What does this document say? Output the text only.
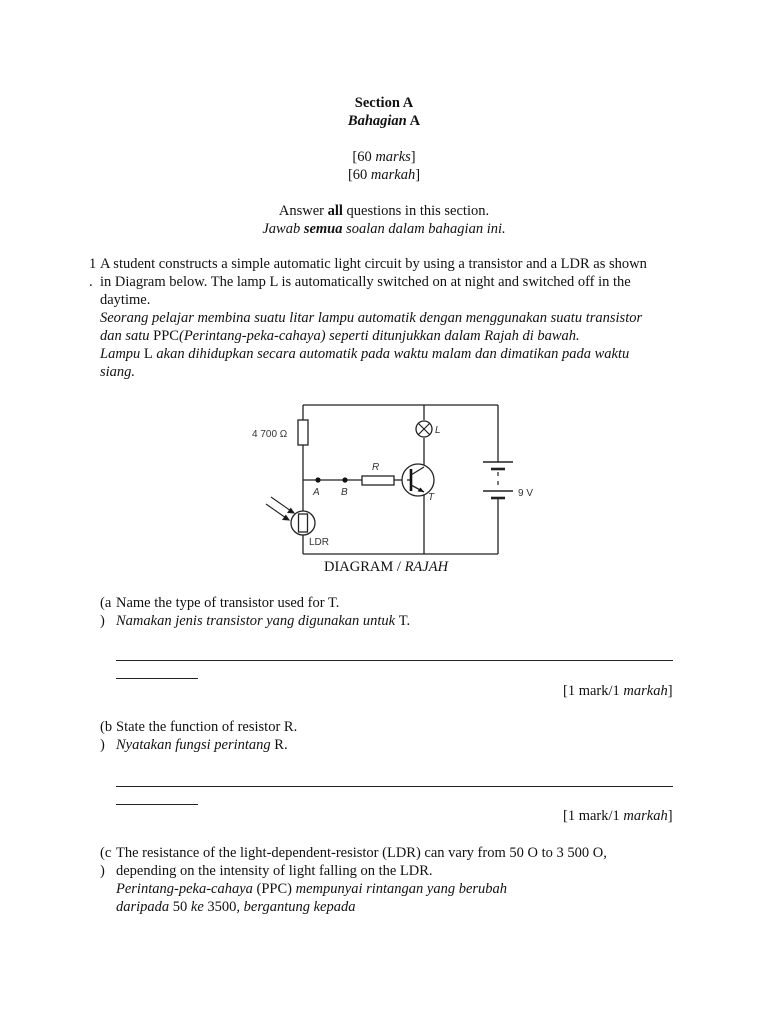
Section A
Bahagian A
[60 marks]
[60 markah]
Answer all questions in this section.
Jawab semua soalan dalam bahagian ini.
1
.
A student constructs a simple automatic light circuit by using a transistor and a LDR as shown
in Diagram below. The lamp L is automatically switched on at night and switched off in the
daytime.
Seorang pelajar membina suatu litar lampu automatik dengan menggunakan suatu transistor
dan satu PPC(Perintang-peka-cahaya) seperti ditunjukkan dalam Rajah di bawah.
Lampu L akan dihidupkan secara automatik pada waktu malam dan dimatikan pada waktu
siang.
4 700 Ω	L
R
A B	T	9 V
LDR
DIAGRAM / RAJAH
(a
)
Name the type of transistor used for T.
Namakan jenis transistor yang digunakan untuk T.
[1 mark/1 markah]
(b
)
State the function of resistor R.
Nyatakan fungsi perintang R.
[1 mark/1 markah]
(c
)
The resistance of the light-dependent-resistor (LDR) can vary from 50 O to 3 500 O,
depending on the intensity of light falling on the LDR.
Perintang-peka-cahaya (PPC) mempunyai rintangan yang berubah
daripada 50 ke 3500, bergantung kepada
